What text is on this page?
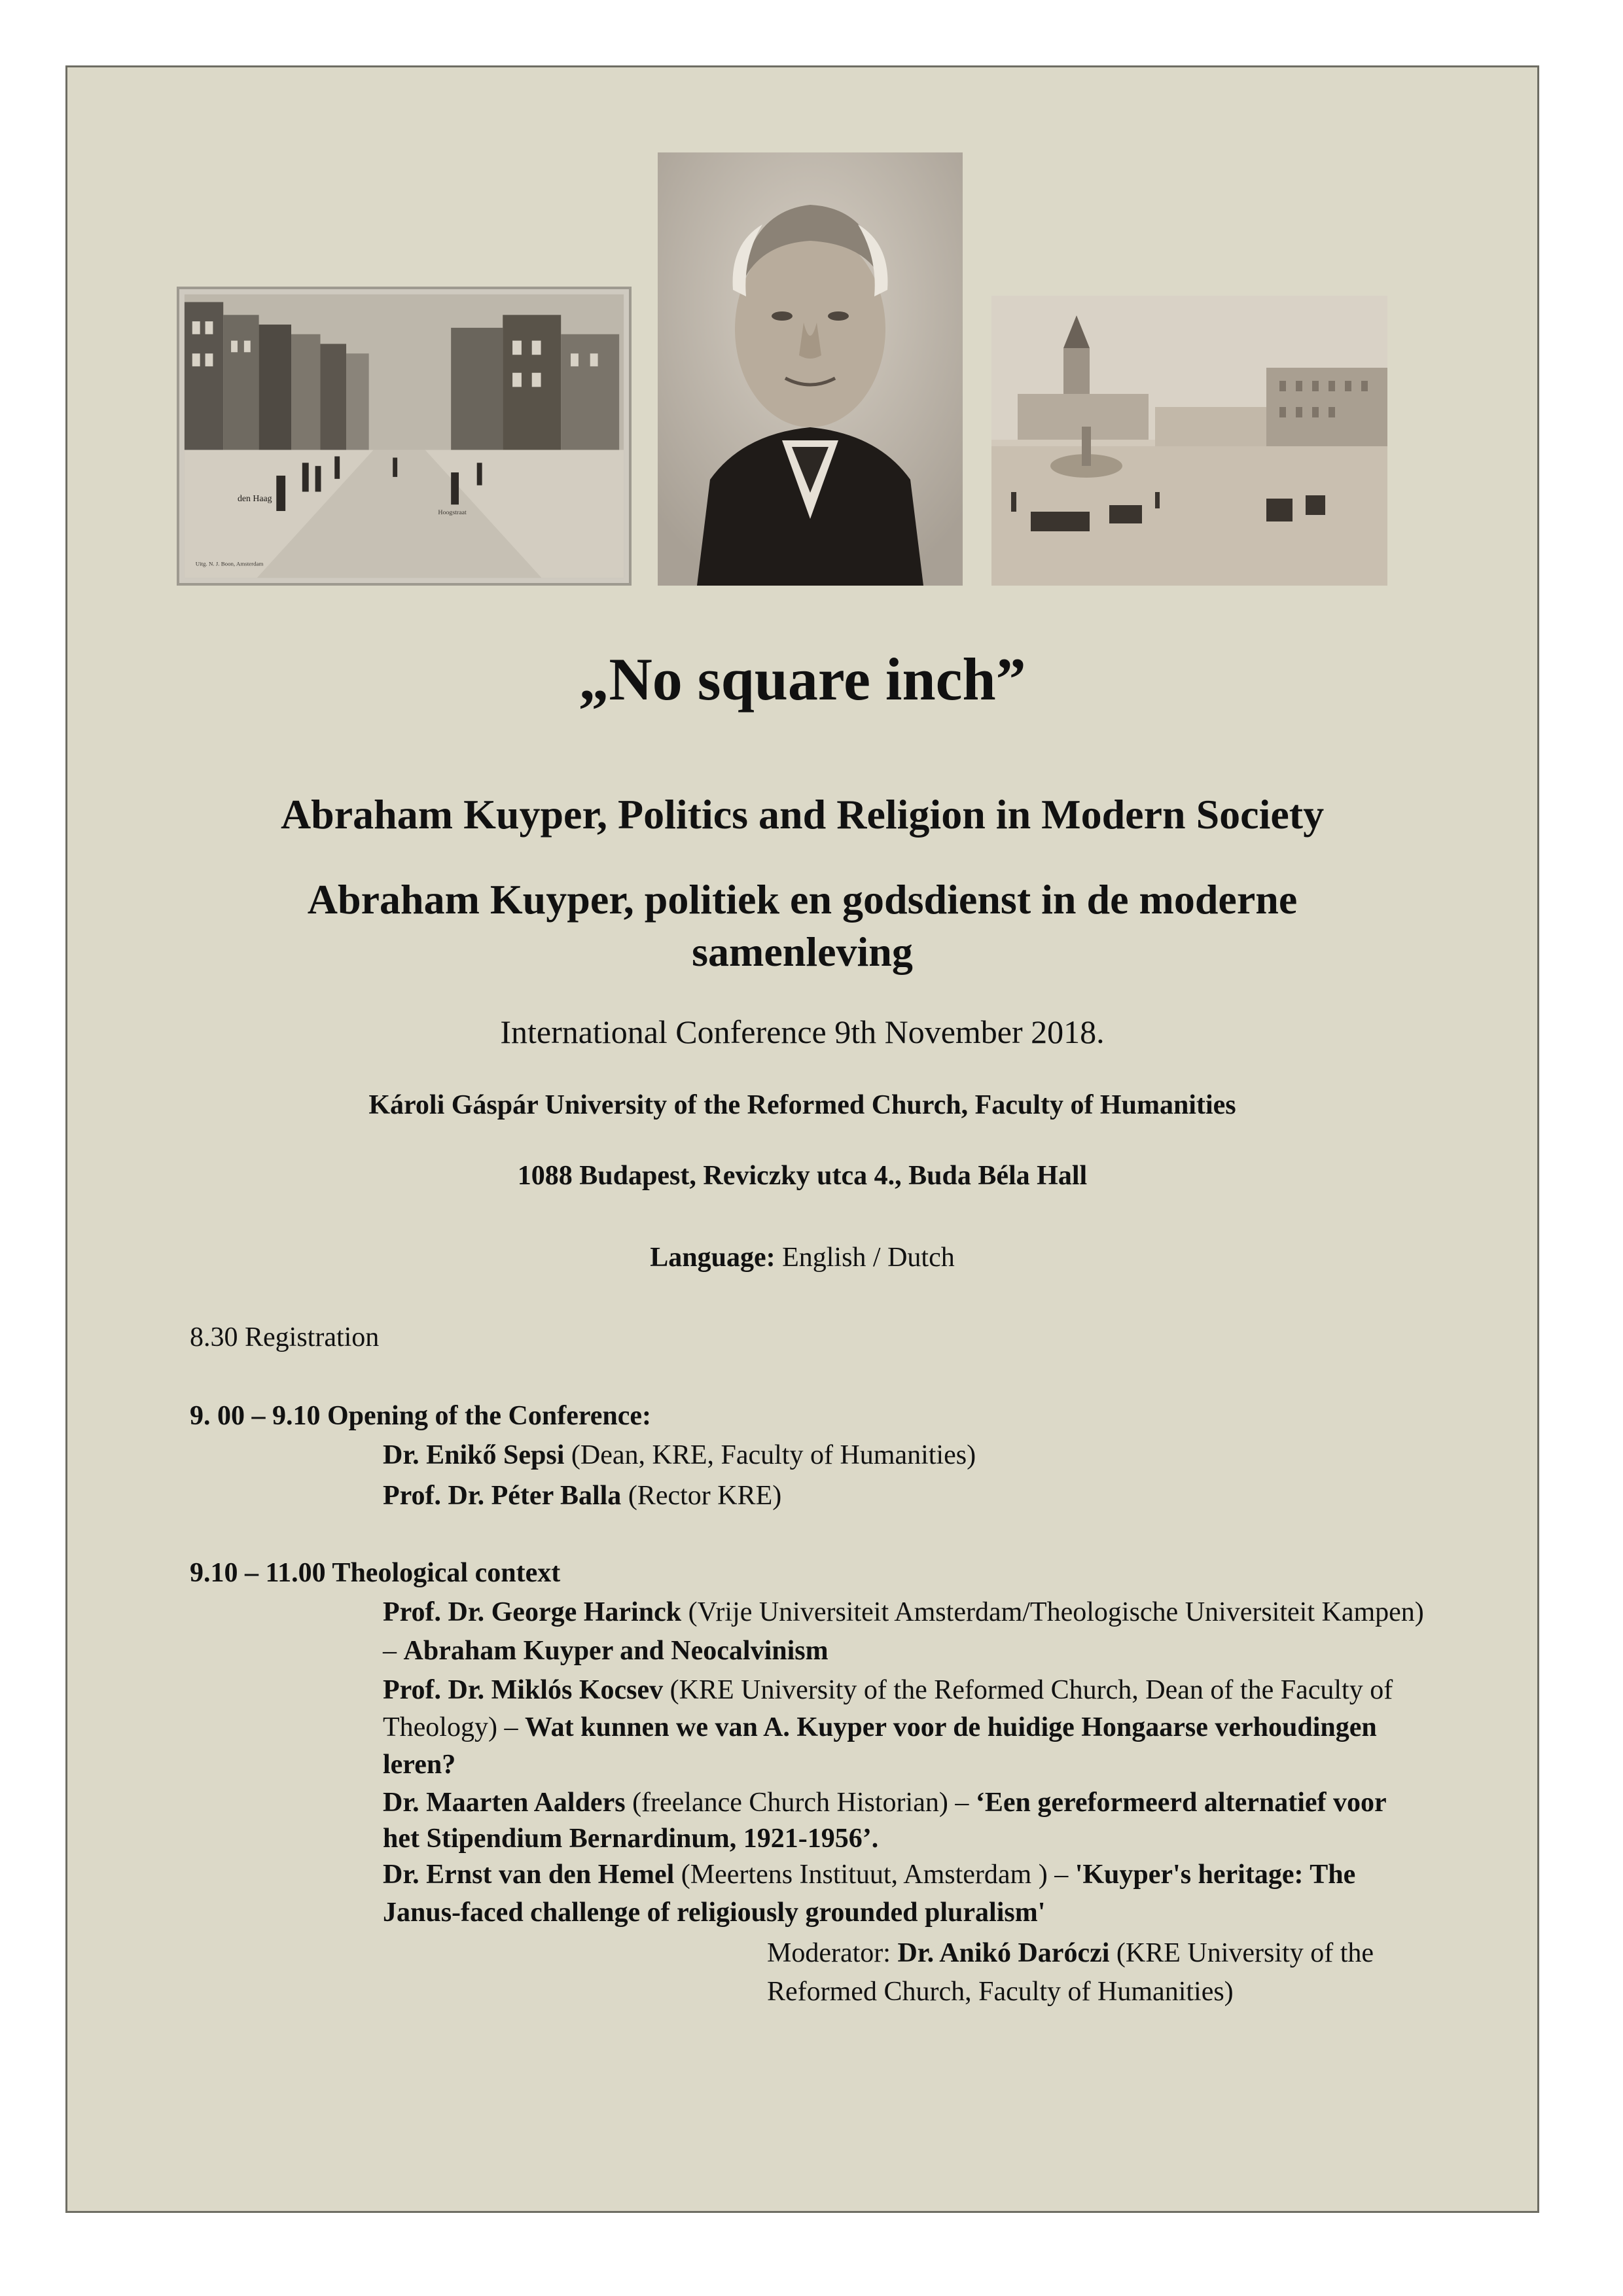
den Haag
Hoogstraat
Uitg. N. J. Boon, Amsterdam
„No square inch”
Abraham Kuyper, Politics and Religion in Modern Society
Abraham Kuyper, politiek en godsdienst in de moderne
samenleving
International Conference 9th November 2018.
Károli Gáspár University of the Reformed Church, Faculty of Humanities
1088 Budapest, Reviczky utca 4., Buda Béla Hall
Language: English / Dutch
8.30 Registration
9. 00 – 9.10 Opening of the Conference:
Dr. Enikő Sepsi (Dean, KRE, Faculty of Humanities)
Prof. Dr. Péter Balla (Rector KRE)
9.10 – 11.00 Theological context
Prof. Dr. George Harinck (Vrije Universiteit Amsterdam/Theologische Universiteit Kampen)
– Abraham Kuyper and Neocalvinism
Prof. Dr. Miklós Kocsev (KRE University of the Reformed Church, Dean of the Faculty of
Theology) – Wat kunnen we van A. Kuyper voor de huidige Hongaarse verhoudingen
leren?
Dr. Maarten Aalders (freelance Church Historian) – ‘Een gereformeerd alternatief voor
het Stipendium Bernardinum, 1921-1956’.
Dr. Ernst van den Hemel (Meertens Instituut, Amsterdam ) – 'Kuyper's heritage: The
Janus-faced challenge of religiously grounded pluralism'
Moderator: Dr. Anikó Daróczi (KRE University of the
Reformed Church, Faculty of Humanities)
